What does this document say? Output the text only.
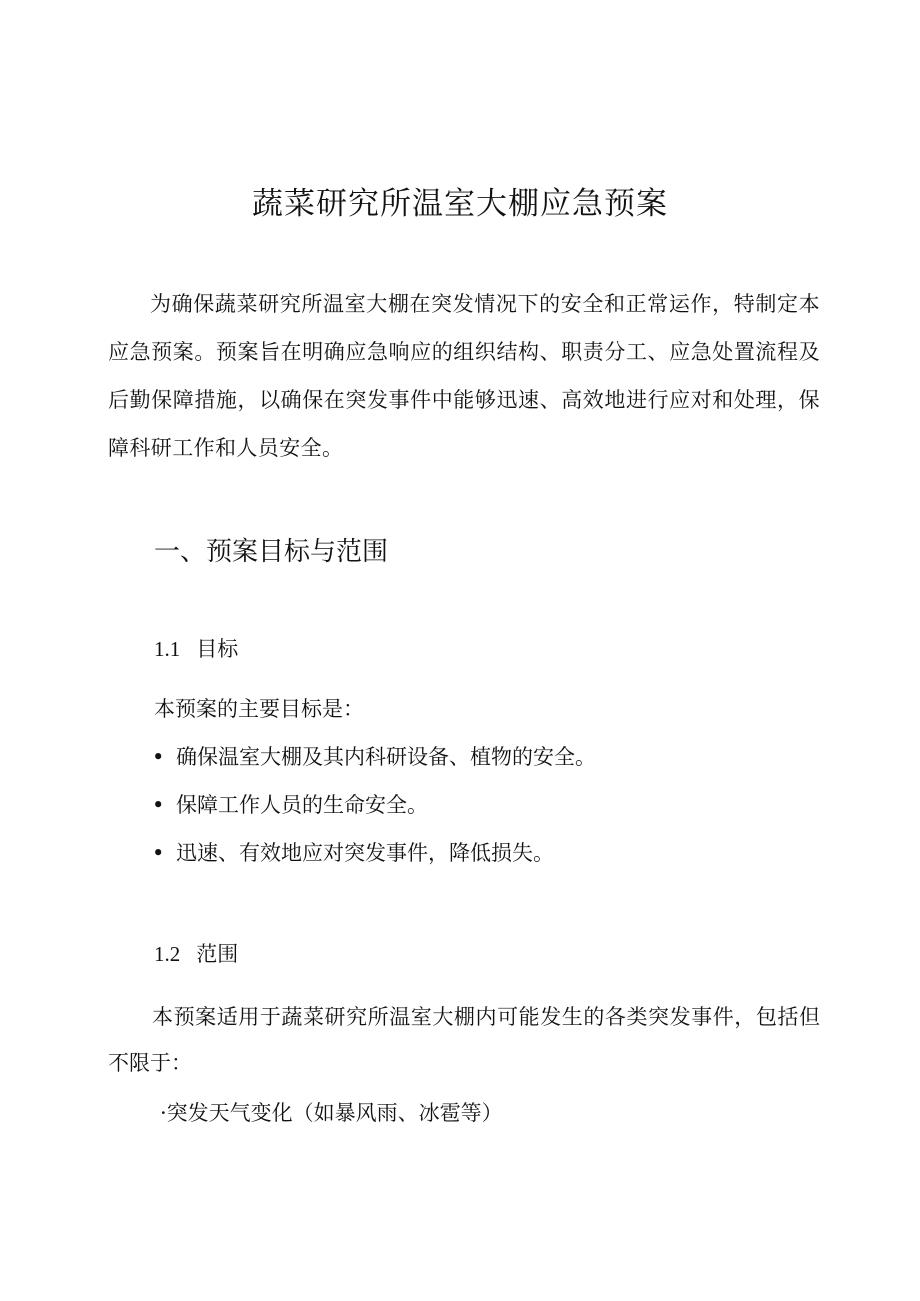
蔬菜研究所温室大棚应急预案

为确保蔬菜研究所温室大棚在突发情况下的安全和正常运作，特制定本应急预案。预案旨在明确应急响应的组织结构、职责分工、应急处置流程及后勤保障措施，以确保在突发事件中能够迅速、高效地进行应对和处理，保障科研工作和人员安全。

一、预案目标与范围
1.1 目标

本预案的主要目标是：

• 确保温室大棚及其内科研设备、植物的安全。

• 保障工作人员的生命安全。

• 迅速、有效地应对突发事件，降低损失。

1.2 范围

本预案适用于蔬菜研究所温室大棚内可能发生的各类突发事件，包括但不限于：

·突发天气变化（如暴风雨、冰雹等）
